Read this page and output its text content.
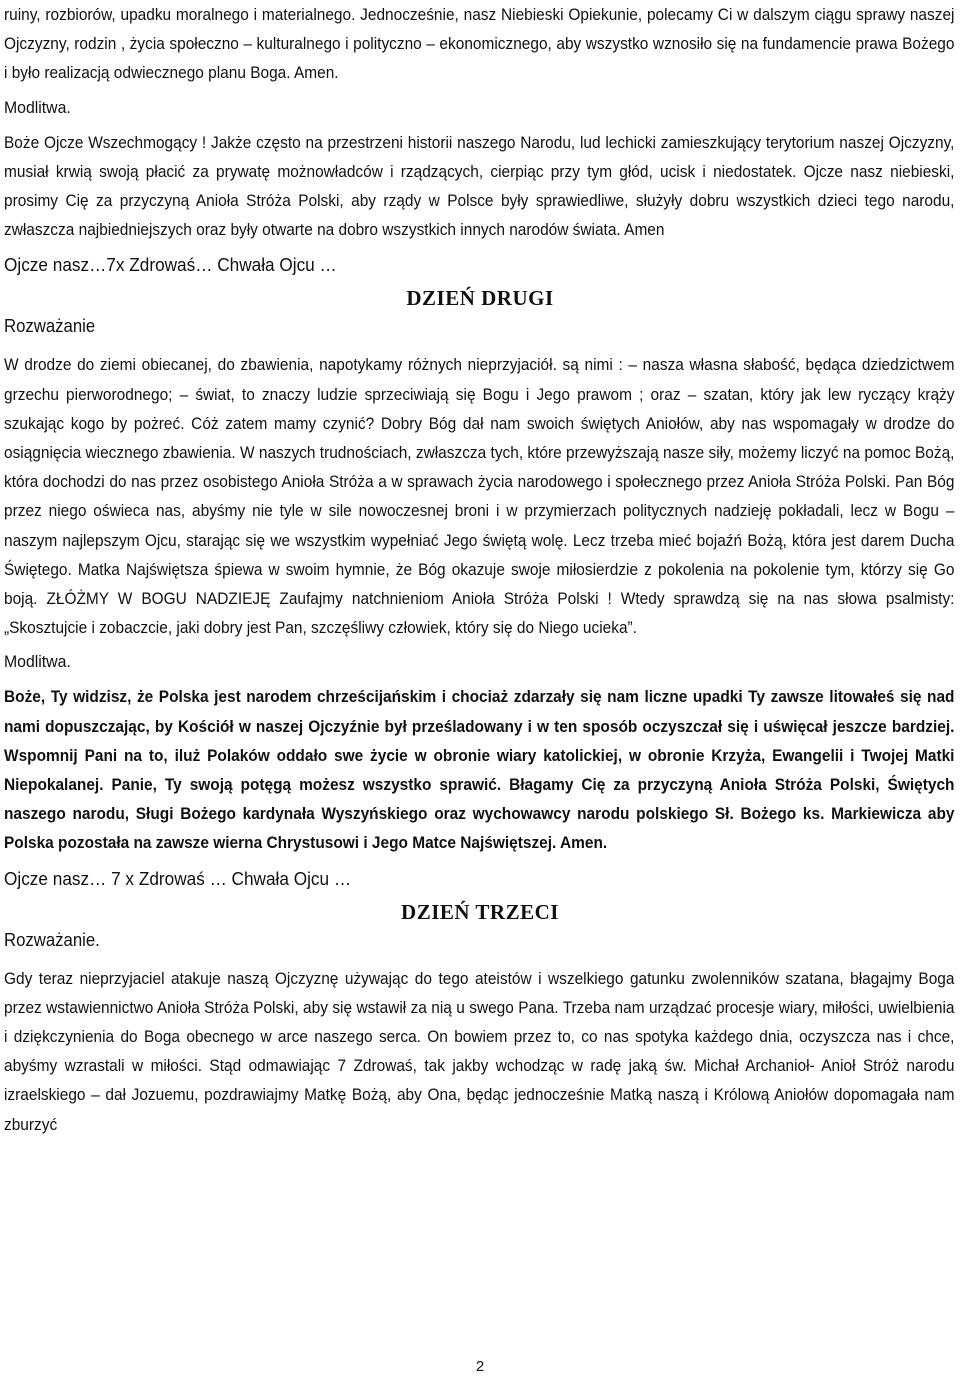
ruiny, rozbiorów, upadku moralnego i materialnego. Jednocześnie, nasz Niebieski Opiekunie, polecamy Ci w dalszym ciągu sprawy naszej Ojczyzny, rodzin , życia społeczno – kulturalnego i polityczno – ekonomicznego, aby wszystko wznosiło się na fundamencie prawa Bożego i było realizacją odwiecznego planu Boga. Amen.

Modlitwa.

Boże Ojcze Wszechmogący ! Jakże często na przestrzeni historii naszego Narodu, lud lechicki zamieszkujący terytorium naszej Ojczyzny, musiał krwią swoją płacić za prywatę możnowładców i rządzących, cierpiąc przy tym głód, ucisk i niedostatek. Ojcze nasz niebieski, prosimy Cię za przyczyną Anioła Stróża Polski, aby rządy w Polsce były sprawiedliwe, służyły dobru wszystkich dzieci tego narodu, zwłaszcza najbiedniejszych oraz były otwarte na dobro wszystkich innych narodów świata. Amen

Ojcze nasz…7x Zdrowaś… Chwała Ojcu …

DZIEŃ DRUGI

Rozważanie

W drodze do ziemi obiecanej, do zbawienia, napotykamy różnych nieprzyjaciół. są nimi : – nasza własna słabość, będąca dziedzictwem grzechu pierworodnego; – świat, to znaczy ludzie sprzeciwiają się Bogu i Jego prawom ; oraz – szatan, który jak lew ryczący krąży szukając kogo by pożreć. Cóż zatem mamy czynić? Dobry Bóg dał nam swoich świętych Aniołów, aby nas wspomagały w drodze do osiągnięcia wiecznego zbawienia. W naszych trudnościach, zwłaszcza tych, które przewyższają nasze siły, możemy liczyć na pomoc Bożą, która dochodzi do nas przez osobistego Anioła Stróża a w sprawach życia narodowego i społecznego przez Anioła Stróża Polski. Pan Bóg przez niego oświeca nas, abyśmy nie tyle w sile nowoczesnej broni i w przymierzach politycznych nadzieję pokładali, lecz w Bogu – naszym najlepszym Ojcu, starając się we wszystkim wypełniać Jego świętą wolę. Lecz trzeba mieć bojaźń Bożą, która jest darem Ducha Świętego. Matka Najświętsza śpiewa w swoim hymnie, że Bóg okazuje swoje miłosierdzie z pokolenia na pokolenie tym, którzy się Go boją. ZŁÓŻMY W BOGU NADZIEJĘ Zaufajmy natchnieniom Anioła Stróża Polski ! Wtedy sprawdzą się na nas słowa psalmisty: „Skosztujcie i zobaczcie, jaki dobry jest Pan, szczęśliwy człowiek, który się do Niego ucieka”.

Modlitwa.

Boże, Ty widzisz, że Polska jest narodem chrześcijańskim i chociaż zdarzały się nam liczne upadki Ty zawsze litowałeś się nad nami dopuszczając, by Kościół w naszej Ojczyźnie był prześladowany i w ten sposób oczyszczał się i uświęcał jeszcze bardziej. Wspomnij Pani na to, iluż Polaków oddało swe życie w obronie wiary katolickiej, w obronie Krzyża, Ewangelii i Twojej Matki Niepokalanej. Panie, Ty swoją potęgą możesz wszystko sprawić. Błagamy Cię za przyczyną Anioła Stróża Polski, Świętych naszego narodu, Sługi Bożego kardynała Wyszyńskiego oraz wychowawcy narodu polskiego Sł. Bożego ks. Markiewicza aby Polska pozostała na zawsze wierna Chrystusowi i Jego Matce Najświętszej. Amen.

Ojcze nasz… 7 x Zdrowaś … Chwała Ojcu …

DZIEŃ TRZECI

Rozważanie.

Gdy teraz nieprzyjaciel atakuje naszą Ojczyznę używając do tego ateistów i wszelkiego gatunku zwolenników szatana, błagajmy Boga przez wstawiennictwo Anioła Stróża Polski, aby się wstawił za nią u swego Pana. Trzeba nam urządzać procesje wiary, miłości, uwielbienia i dziękczynienia do Boga obecnego w arce naszego serca. On bowiem przez to, co nas spotyka każdego dnia, oczyszcza nas i chce, abyśmy wzrastali w miłości. Stąd odmawiając 7 Zdrowaś, tak jakby wchodząc w radę jaką św. Michał Archanioł- Anioł Stróż narodu izraelskiego – dał Jozuemu, pozdrawiajmy Matkę Bożą, aby Ona, będąc jednocześnie Matką naszą i Królową Aniołów dopomagała nam zburzyć

2
